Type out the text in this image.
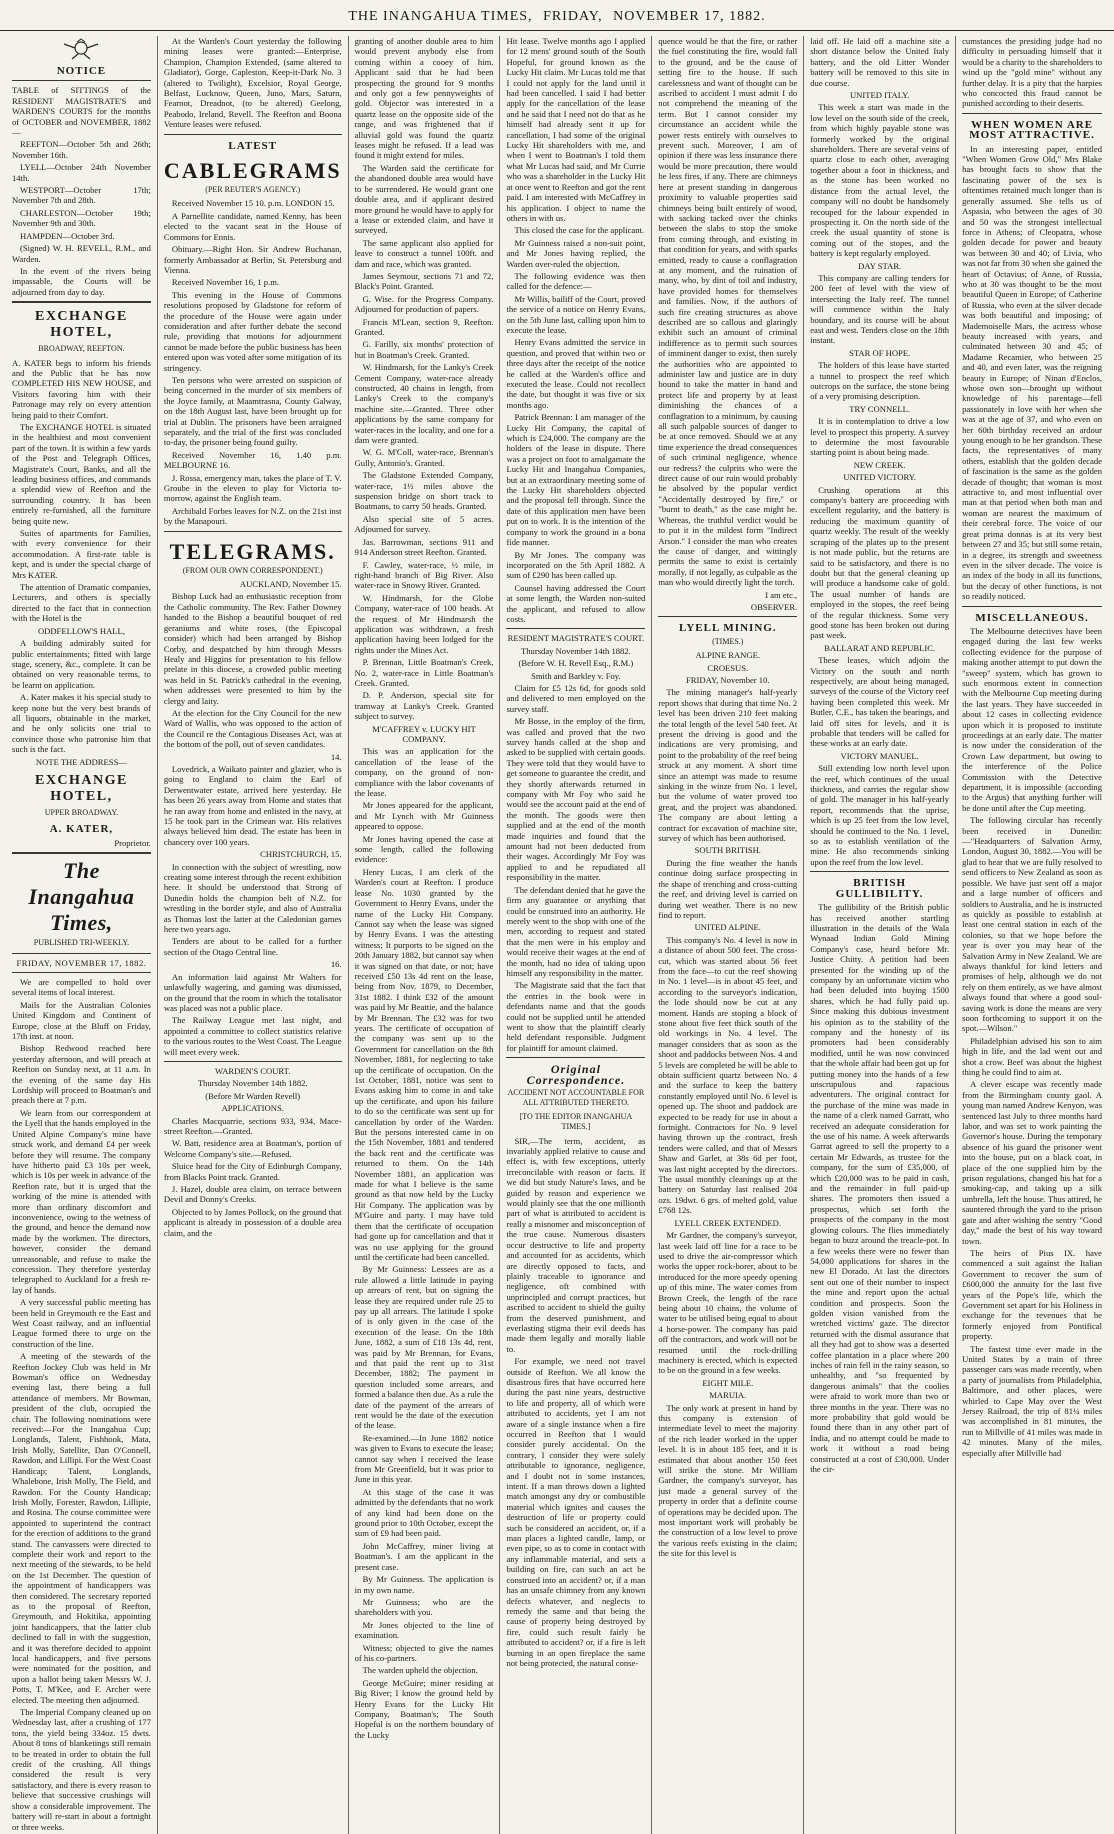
THE INANGAHUA TIMES, FRIDAY, NOVEMBER 17, 1882.
NOTICE

TABLE of SITTINGS of the RESIDENT MAGISTRATE'S and WARDEN'S COURTS for the months of OCTOBER and NOVEMBER, 1882—

REEFTON—October 5th and 26th; November 16th.

LYELL—October 24th November 14th.

WESTPORT—October 17th; November 7th and 28th.

CHARLESTON—October 19th; November 9th and 30th.

HAMPDEN—October 3rd.

(Signed) W. H. REVELL, R.M., and Warden.

In the event of the rivers being impassable, the Courts will be adjourned from day to day.

EXCHANGE HOTEL,
BROADWAY, REEFTON.

A. KATER begs to inform his friends and the Public that he has now COMPLETED HIS NEW HOUSE, and Visitors favoring him with their Patronage may rely on every attention being paid to their Comfort.

The EXCHANGE HOTEL is situated in the healthiest and most convenient part of the town. It is within a few yards of the Post and Telegraph Offices, Magistrate's Court, Banks, and all the leading business offices, and commands a splendid view of Reefton and the surrounding country. It has been entirely re-furnished, all the furniture being quite new.

Suites of apartments for Families, with every convenience for their accommodation. A first-rate table is kept, and is under the special charge of Mrs KATER.

The attention of Dramatic companies, Lecturers, and others is specially directed to the fact that in connection with the Hotel is the

ODDFELLOW'S HALL,

A building admirably suited for public entertainments; fitted with large stage, scenery, &c., complete. It can be obtained on very reasonable terms, to be learnt on application.

A. Kater makes it his special study to keep none but the very best brands of all liquors, obtainable in the market, and he only solicits one trial to convince those who patronise him that such is the fact.

NOTE THE ADDRESS—
EXCHANGE HOTEL,
UPPER BROADWAY.
A. KATER,
Proprietor.
The Inangahua Times,
PUBLISHED TRI-WEEKLY.
FRIDAY, NOVEMBER 17, 1882.

We are compelled to hold over several items of local interest.

Mails for the Australian Colonies United Kingdom and Continent of Europe, close at the Bluff on Friday, 17th inst. at noon.

Bishop Redwood reached here yesterday afternoon, and will preach at Reefton on Sunday next, at 11 a.m. In the evening of the same day His Lordship will proceed to Boatman's and preach there at 7 p.m.

We learn from our correspondent at the Lyell that the hands employed in the United Alpine Company's mine have struck work, and demand £4 per week before they will resume. The company have hitherto paid £3 10s per week, which is 10s per week in advance of the Reefton rate, but it is urged that the working of the mine is attended with more than ordinary discomfort and inconvenience, owing to the wetness of the ground, and hence the demand now made by the workmen. The directors, however, consider the demand unreasonable, and refuse to make the concession. They therefore yesterday telegraphed to Auckland for a fresh re-lay of hands.

A very successful public meeting has been held in Greymouth re the East and West Coast railway, and an influential League formed there to urge on the construction of the line.

A meeting of the stewards of the Reefton Jockey Club was held in Mr Bowman's office on Wednesday evening last, there being a full attendance of members. Mr Bowman, president of the club, occupied the chair. The following nominations were received:—For the Inangahua Cup; Longlands, Talent, Fishhook, Mata, Irish Molly, Satellite, Dan O'Connell, Rawdon, and Lillipi. For the West Coast Handicap; Talent, Longlands, Whalebone, Irish Molly, The Field, and Rawdon. For the County Handicap; Irish Molly, Forester, Rawdon, Lillipie, and Rosina. The course committee were appointed to superintend the contract for the erection of additions to the grand stand. The canvassers were directed to complete their work and report to the next meeting of the stewards, to be held on the 1st December. The question of the appointment of handicappers was then considered. The secretary reported as to the proposal of Reefton, Greymouth, and Hokitika, appointing joint handicappers, that the latter club declined to fall in with the suggestion, and it was therefore decided to appoint local handicappers, and five persons were nominated for the position, and upon a ballot being taken Messrs W. J. Potts, T. M'Kee, and F. Archer were elected. The meeting then adjourned.

The Imperial Company cleaned up on Wednesday last, after a crushing of 177 tons, the yield being 334oz. 15 dwts. About 8 tons of blanketings still remain to be treated in order to obtain the full credit of the crushing. All things considered the result is very satisfactory, and there is every reason to believe that successive crushings will show a considerable improvement. The battery will re-start in about a fortnight or three weeks.

At the Warden's Court yesterday the following mining leases were granted:—Enterprise, Champion, Champion Extended, (same altered to Gladiator), Gorge, Capleston, Keep-it-Dark No. 3 (altered to Twilight), Excelsior, Royal George, Belfast, Lucknow, Queen, Juno, Mars, Saturn, Fearnot, Dreadnot, (to be altered) Geelong, Peabodo, Ireland, Revell. The Reefton and Boona Venture leases were refused.

LATEST
CABLEGRAMS
(PER REUTER'S AGENCY.)

Received November 15 10. p.m. LONDON 15.

A Parnellite candidate, named Kenny, has been elected to the vacant seat in the House of Commons for Ennis.

Obituary.—Right Hon. Sir Andrew Buchanan, formerly Ambassador at Berlin, St. Petersburg and Vienna.

Received November 16, 1 p.m.

This evening in the House of Commons resolutions proposed by Gladstone for reform of the procedure of the House were again under consideration and after further debate the second rule, providing that motions for adjournment cannot be made before the public business has been entered upon was voted after some mitigation of its stringency.

Ten persons who were arrested on suspicion of being concerned in the murder of six members of the Joyce family, at Maamtrasna, County Galway, on the 18th August last, have been brought up for trial at Dublin. The prisoners have been arraigned separately, and the trial of the first was concluded to-day, the prisoner being found guilty.

Received November 16, 1.40 p.m. MELBOURNE 16.

J. Rossa, emergency man, takes the place of T. V. Groube in the eleven to play for Victoria to-morrow, against the English team.

Archibald Forbes leaves for N.Z. on the 21st inst by the Manapouri.

TELEGRAMS.
(FROM OUR OWN CORRESPONDENT.)

AUCKLAND, November 15.

Bishop Luck had an enthusiastic reception from the Catholic community. The Rev. Father Downey handed to the Bishop a beautiful bouquet of red geraniums and white roses, (the Episcopal consider) which had been arranged by Bishop Corby, and despatched by him through Messrs Healy and Higgins for presentation to his fellow prelate in this diocese, a crowded public meeting was held in St. Patrick's cathedral in the evening, when addresses were presented to him by the clergy and laity.

At the election for the City Council for the new Ward of Wallis, who was opposed to the action of the Council re the Contagious Diseases Act, was at the bottom of the poll, out of seven candidates.

14.

Lovedrick, a Waikato painter and glazier, who is going to England to claim the Earl of Derwentwater estate, arrived here yesterday. He has been 26 years away from Home and states that he ran away from home and enlisted in the navy, at 15 he took part in the Crimean war. His relatives always believed him dead. The estate has been in chancery over 100 years.

CHRISTCHURCH, 15.

In connection with the subject of wrestling, now creating some interest through the recent exhibition here. It should be understood that Strong of Dunedin holds the champion belt of N.Z. for wrestling in the border style, and also of Australia as Thomas lost the latter at the Caledonian games here two years ago.

Tenders are about to be called for a further section of the Otago Central line.

16.

An information laid against Mr Walters for unlawfully wagering, and gaming was dismissed, on the ground that the room in which the totalisator was placed was not a public place.

The Railway League met last night, and appointed a committee to collect statistics relative to the various routes to the West Coast. The League will meet every week.

WARDEN'S COURT.
Thursday November 14th 1882.
(Before Mr Warden Revell)
APPLICATIONS.

Charles Macquarrie, sections 933, 934, Mace-street Reefton.—Granted.

W. Batt, residence area at Boatman's, portion of Welcome Company's site.—Refused.

Sluice head for the City of Edinburgh Company, from Blacks Point track. Granted.

J. Hazel, double area claim, on terrace between Devil and Donny's Creeks.

Objected to by James Pollock, on the ground that applicant is already in possession of a double area claim, and the

granting of another double area to him would prevent anybody else from coming within a cooey of him. Applicant said that he had been prospecting the ground for 9 months and only got a few pennyweights of gold. Objector was interested in a quartz lease on the opposite side of the range, and was frightened that if alluvial gold was found the quartz leases might be refused. If a lead was found it might extend for miles.

The Warden said the certificate for the abandoned double area would have to be surrendered. He would grant one double area, and if applicant desired more ground he would have to apply for a lease or extended claim, and have it surveyed.

The same applicant also applied for leave to construct a tunnel 100ft. and dam and race, which was granted.

James Seymour, sections 71 and 72, Black's Point. Granted.

G. Wise. for the Progress Company. Adjourned for production of papers.

Francis M'Lean, section 9, Reefton. Granted.

G. Farilly, six months' protection of hut in Boatman's Creek. Granted.

W. Hindmarsh, for the Lanky's Creek Cement Company, water-race already constructed, 40 chains in length, from Lanky's Creek to the company's machine site.—Granted. Three other applications by the same company for water-races in the locality, and one for a dam were granted.

W. G. M'Coll, water-race, Brennan's Gully, Antonio's. Granted.

The Gladstone Extended Company, water-race, 1½ miles above the suspension bridge on short track to Boatmans, to carry 50 heads. Granted.

Also special site of 5 acres. Adjourned for survey.

Jas. Barrowman, sections 911 and 914 Anderson street Reefton. Granted.

F. Cawley, water-race, ½ mile, in right-hand branch of Big River. Also water-race in Snowy River. Granted.

W. Hindmarsh, for the Globe Company, water-race of 100 heads. At the request of Mr Hindmarsh the application was withdrawn, a fresh application having been lodged for the rights under the Mines Act.

P. Brennan, Little Boatman's Creek, No. 2, water-race in Little Boatman's Creek. Granted.

D. P. Anderson, special site for tramway at Lanky's Creek. Granted subject to survey.

M'CAFFREY v. LUCKY HIT COMPANY.

This was an application for the cancellation of the lease of the company, on the ground of non-compliance with the labor covenants of the lease.

Mr Jones appeared for the applicant, and Mr Lynch with Mr Guinness appeared to oppose.

Mr Jones having opened the case at some length, called the following evidence:

Henry Lucas, I am clerk of the Warden's court at Reefton. I produce lease No. 1030 granted by the Government to Henry Evans, under the name of the Lucky Hit Company. Cannot say when the lease was signed by Henry Evans. I was the attesting witness; It purports to be signed on the 20th January 1882, but cannot say when it was signed on that date, or not; have received £50 13s 4d rent on the lease, being from Nov. 1879, to December, 31st 1882. I think £32 of the amount was paid by Mr Beattie, and the balance by Mr Brennan. The £32 was for two years. The certificate of occupation of the company was sent up to the Government for cancellation on the 8th November, 1881, for neglecting to take up the certificate of occupation. On the 1st October, 1881, notice was sent to Evans asking him to come in and take up the certificate, and upon his failure to do so the certificate was sent up for cancellation by order of the Warden. But the persons interested came in on the 15th November, 1881 and tendered the back rent and the certificate was returned to them. On the 14th November 1881, an application was made for what I believe is the same ground as that now held by the Lucky Hit Company. The application was by M'Guire and party. I may have told them that the certificate of occupation had gone up for cancellation and that it was no use applying for the ground until the certificate had been cancelled.

By Mr Guinness: Lessees are as a rule allowed a little latitude in paying up arrears of rent, but on signing the lease they are required under rule 25 to pay up all arrears. The latitude I spoke of is only given in the case of the execution of the lease. On the 18th June, 1882, a sum of £18 13s 4d, rent, was paid by Mr Brennan, for Evans, and that paid the rent up to 31st December, 1882; The payment in question included some arrears, and formed a balance then due. As a rule the date of the payment of the arrears of rent would be the date of the execution of the lease.

Re-examined.—In June 1882 notice was given to Evans to execute the lease; cannot say when I received the lease from Mr Greenfield, but it was prior to June in this year.

At this stage of the case it was admitted by the defendants that no work of any kind had been done on the ground prior to 10th October, except the sum of £9 had been paid.

John McCaffrey, miner living at Boatman's. I am the applicant in the present case.

By Mr Guinness. The application is in my own name.

Mr Guinness; who are the shareholders with you.

Mr Jones objected to the line of examination.

Witness; objected to give the names of his co-partners.

The warden upheld the objection.

George McGuire; miner residing at Big River; I know the ground held by Henry Evans for the Lucky Hit Company, Boatman's; The South Hopeful is on the northern boundary of the Lucky

Hit lease. Twelve months ago I applied for 12 mens' ground south of the South Hopeful, for ground known as the Lucky Hit claim. Mr Lucas told me that I could not apply for the land until it had been cancelled. I said I had better apply for the cancellation of the lease and he said that I need not do that as he himself had already sent it up for cancellation, I had some of the original Lucky Hit shareholders with me, and when I went to Boatman's I told them what Mr Lucas had said, and Mr Currie who was a shareholder in the Lucky Hit at once went to Reefton and got the rent paid. I am interested with McCaffrey in his application. I object to name the others in with us.

This closed the case for the applicant.

Mr Guinness raised a non-suit point, and Mr Jones having replied, the Warden over-ruled the objection.

The following evidence was then called for the defence:—

Mr Willis, bailiff of the Court, proved the service of a notice on Henry Evans, on the 5th June last, calling upon him to execute the lease.

Henry Evans admitted the service in question, and proved that within two or three days after the receipt of the notice he called at the Warden's office and executed the lease. Could not recollect the date, but thought it was five or six months ago.

Patrick Brennan: I am manager of the Lucky Hit Company, the capital of which is £24,000. The company are the holders of the lease in dispute. There was a project on foot to amalgamate the Lucky Hit and Inangahua Companies, but at an extraordinary meeting some of the Lucky Hit shareholders objected and the proposal fell through. Since the date of this application men have been put on to work. It is the intention of the company to work the ground in a bona fide manner.

By Mr Jones. The company was incorporated on the 5th April 1882. A sum of £290 has been called up.

Counsel having addressed the Court at some length, the Warden non-suited the applicant, and refused to allow costs.

RESIDENT MAGISTRATE'S COURT.
Thursday November 14th 1882.
(Before W. H. Revell Esq., R.M.)
Smith and Barkley v. Foy.

Claim for £5 12s 6d, for goods sold and delivered to men employed on the survey staff.

Mr Bosse, in the employ of the firm, was called and proved that the two survey hands called at the shop and asked to be supplied with certain goods. They were told that they would have to get someone to guarantee the credit, and they shortly afterwards returned in company with Mr Foy who said he would see the account paid at the end of the month. The goods were then supplied and at the end of the month made inquiries and found that the amount had not been deducted from their wages. Accordingly Mr Foy was applied to and he repudiated all responsibility in the matter.

The defendant denied that he gave the firm any guarantee or anything that could be construed into an authority. He merely went to the shop with one of the men, according to request and stated that the men were in his employ and would receive their wages at the end of the month, had no idea of taking upon himself any responsibility in the matter.

The Magistrate said that the fact that the entries in the book were in defendants name and that the goods could not be supplied until he attended went to show that the plaintiff clearly held defendant responsible. Judgment for plaintiff for amount claimed.

Original Correspondence.
ACCIDENT NOT ACCOUNTABLE FOR ALL ATTRIBUTED THERETO.
[TO THE EDITOR INANGAHUA TIMES.]

SIR,—The term, accident, as invariably applied relative to cause and effect is, with few exceptions, utterly irreconcilable with reason or facts. If we did but study Nature's laws, and be guided by reason and experience we would plainly see that the one millionth part of what is attributed to accident is really a misnomer and misconception of the true cause. Numerous disasters occur destructive to life and property and accounted for as accidents, which are directly opposed to facts, and plainly traceable to ignorance and negligence, oft combined with unprincipled and corrupt practices, but ascribed to accident to shield the guilty from the deserved punishment, and everlasting stigma their evil deeds has made them legally and morally liable to.

For example, we need not travel outside of Reefton. We all know the disastrous fires that have occurred here during the past nine years, destructive to life and property, all of which were attributed to accidents, yet I am not aware of a single instance when a fire occurred in Reefton that I would consider purely accidental. On the contrary, I consider they were solely attributable to ignorance, negligence, and I doubt not in some instances, intent. If a man throws down a lighted match amongst any dry or combustible material which ignites and causes the destruction of life or property could such be considered an accident, or, if a man places a lighted candle, lamp, or even pipe, so as to come in contact with any inflammable material, and sets a building on fire, can such an act be construed into an accident? or, if a man has an unsafe chimney from any known defects whatever, and neglects to remedy the same and that being the cause of property being destroyed by fire, could such result fairly be attributed to accident? or, if a fire is left burning in an open fireplace the same not being protected, the natural conse-

quence would be that the fire, or rather the fuel constituting the fire, would fall to the ground, and be the cause of setting fire to the house. If such carelessness and want of thought can be ascribed to accident I must admit I do not comprehend the meaning of the term. But I cannot consider my circumstance an accident while the power rests entirely with ourselves to prevent such. Moreover, I am of opinion if there was less insurance there would be more precaution, there would be less fires, if any. There are chimneys here at present standing in dangerous proximity to valuable properties said chimneys being built entirely of wood, with sacking tacked over the chinks between the slabs to stop the smoke from coming through, and existing in that condition for years, and with sparks emitted, ready to cause a conflagration at any moment, and the ruination of many, who, by dint of toil and industry, have provided homes for themselves and families. Now, if the authors of such fire creating structures as above described are so callous and glaringly exhibit such an amount of criminal indifference as to permit such sources of imminent danger to exist, then surely the authorities who are appointed to administer law and justice are in duty bound to take the matter in hand and protect life and property by at least diminishing the chances of a conflagration to a minimum, by causing all such palpable sources of danger to be at once removed. Should we at any time experience the dread consequences of such criminal negligence, whence our redress? the culprits who were the direct cause of our ruin would probably be absolved by the popular verdict "Accidentally destroyed by fire," or "burnt to death," as the case might be. Whereas, the truthful verdict would be to put it in the mildest form "Indirect Arson." I consider the man who creates the cause of danger, and wittingly permits the same to exist is certainly morally, if not legally, as culpable as the man who would directly light the torch.

I am etc.,

OBSERVER.

LYELL MINING.
(TIMES.)
ALPINE RANGE.
CROESUS.
FRIDAY, November 10.

The mining manager's half-yearly report shows that during that time No. 2 level has been driven 210 feet making the total length of the level 540 feet. At present the driving is good and the indications are very promising, and point to the probability of the reef being struck at any moment. A short time since an attempt was made to resume sinking in the winze from No. 1 level, but the volume of water proved too great, and the project was abandoned. The company are about letting a contract for excavation of machine site, survey of which has been authorised.

SOUTH BRITISH.

During the fine weather the hands continue doing surface prospecting in the shape of trenching and cross-cutting the reef, and driving level is carried on during wet weather. There is no new find to report.

UNITED ALPINE.

This company's No. 4 level is now in a distance of about 500 feet. The cross-cut, which was started about 56 feet from the face—to cut the reef showing in No. 1 level—is in about 45 feet, and according to the surveyor's indication, the lode should now be cut at any moment. Hands are stoping a block of stone about five feet thick south of the old workings in No. 4 level. The manager considers that as soon as the shoot and paddocks between Nos. 4 and 5 levels are completed he will be able to obtain sufficient quartz between No. 4 and the surface to keep the battery constantly employed until No. 6 level is opened up. The shoot and paddock are expected to be ready for use in about a fortnight. Contractors for No. 9 level having thrown up the contract, fresh tenders were called, and that of Messrs Shaw and Garlet, at 38s 6d per foot, was last night accepted by the directors. The usual monthly cleanings up at the battery on Saturday last realised 204 ozs. 19dwt. 6 grs. of melted gold, value £768 12s.

LYELL CREEK EXTENDED.

Mr Gardner, the company's surveyor, last week laid off line for a race to be used to drive the air-compressor which works the upper rock-borer, about to be introduced for the more speedy opening up of this mine. The water comes from Brown Creek, the length of the race being about 10 chains, the volume of water to be utilised being equal to about 4 horse-power. The company has paid off the contractors, and work will not be resumed until the rock-drilling machinery is erected, which is expected to be on the ground in a few weeks.

EIGHT MILE.
MARUIA.

The only work at present in hand by this company is extension of intermediate level to meet the majority of the rich leader worked in the upper level. It is in about 185 feet, and it is estimated that about another 150 feet will strike the stone. Mr William Gardner, the company's surveyor, has just made a general survey of the property in order that a definite course of operations may be decided upon. The most important work will probably be the construction of a low level to prove the various reefs existing in the claim; the site for this level is

laid off. He laid off a machine site a short distance below the United Italy battery, and the old Litter Wonder battery will be removed to this site in due course.

UNITED ITALY.

This week a start was made in the low level on the south side of the creek, from which highly payable stone was formerly worked by the original shareholders. There are several veins of quartz close to each other, averaging together about a foot in thickness, and as the stone has been worked no distance from the actual level, the company will no doubt be handsomely recouped for the labour expended in prospecting it. On the north side of the creek the usual quantity of stone is coming out of the stopes, and the battery is kept regularly employed.

DAY STAR.

This company are calling tenders for 200 feet of level with the view of intersecting the Italy reef. The tunnel will commence within the Italy boundary, and its course will be about east and west. Tenders close on the 18th instant.

STAR OF HOPE.

The holders of this lease have started a tunnel to prospect the reef which outcrops on the surface, the stone being of a very promising description.

TRY CONNELL.

It is in contemplation to drive a low level to prospect this property. A survey to determine the most favourable starting point is about being made.

NEW CREEK.
UNITED VICTORY.

Crushing operations at this company's battery are proceeding with excellent regularity, and the battery is reducing the maximum quantity of quartz weekly. The result of the weekly scraping of the plates up to the present is not made public, but the returns are said to be satisfactory, and there is no doubt but that the general cleaning up will produce a handsome cake of gold. The usual number of hands are employed in the stopes, the reef being of the regular thickness. Some very good stone has been broken out during past week.

BALLARAT AND REPUBLIC.

These leases, which adjoin the Victory on the south and north respectively, are about being managed, surveys of the course of the Victory reef having been completed this week. Mr Butler, C.E., has taken the bearings, and laid off sites for levels, and it is probable that tenders will be called for these works at an early date.

VICTORY MANUEL.

Still extending low north level upon the reef, which continues of the usual thickness, and carries the regular show of gold. The manager in his half-yearly report, recommends that the uprise, which is up 25 feet from the low level, should be continued to the No. 1 level, so as to establish ventilation of the mine. He also recommends sinking upon the reef from the low level.

BRITISH GULLIBILITY.

The gullibility of the British public has received another startling illustration in the details of the Wala Wynaad Indian Gold Mining Company's case, heard before Mr. Justice Chitty. A petition had been presented for the winding up of the company by an unfortunate victim who had been deluded into buying 1500 shares, which he had fully paid up. Since making this dubious investment his opinion as to the stability of the company and the honesty of its promoters had been considerably modified, until he was now convinced that the whole affair had been got up for putting money into the hands of a few unscrupulous and rapacious adventurers. The original contract for the purchase of the mine was made in the name of a clerk named Garratt, who received an adequate consideration for the use of his name. A week afterwards Garrat agreed to sell the property to a certain Mr Edwards, as trustee for the company, for the sum of £35,000, of which £20,000 was to be paid in cash, and the remainder in full paid-up shares. The promoters then issued a prospectus, which set forth the prospects of the company in the most glowing colours. The flies immediately began to buzz around the treacle-pot. In a few weeks there were no fewer than 54,000 applications for shares in the new El Dorado. At last the directors sent out one of their number to inspect the mine and report upon the actual condition and prospects. Soon the golden vision vanished from the wretched victims' gaze. The director returned with the dismal assurance that all they had got to show was a deserted coffee plantation in a place where 200 inches of rain fell in the rainy season, so unhealthy, and "so frequented by dangerous animals" that the coolies were afraid to work more than two or three months in the year. There was no more probability that gold would be found there than in any other part of India, and no attempt could be made to work it without a road being constructed at a cost of £30,000. Under the cir-

cumstances the presiding judge had no difficulty in persuading himself that it would be a charity to the shareholders to wind up the "gold mine" without any further delay. It is a pity that the harpies who concocted this fraud cannot be punished according to their deserts.

WHEN WOMEN ARE MOST ATTRACTIVE.

In an interesting paper, entitled "When Women Grow Old," Mrs Blake has brought facts to show that the fascinating power of the sex is oftentimes retained much longer than is generally assumed. She tells us of Aspasia, who between the ages of 30 and 50 was the strongest intellectual force in Athens; of Cleopatra, whose golden decade for power and beauty was between 30 and 40; of Livia, who was not far from 30 when she gained the heart of Octavius; of Anne, of Russia, who at 30 was thought to be the most beautiful Queen in Europe; of Catherine of Russia, who even at the silver decade was both beautiful and imposing; of Mademoiselle Mars, the actress whose beauty increased with years, and culminated between 30 and 45; of Madame Recamier, who between 25 and 40, and even later, was the reigning beauty in Europe; of Ninan d'Enclos, whose own son—brought up without knowledge of his parentage—fell passionately in love with her when she was at the age of 37, and who even on her 60th birthday received an ardour young enough to be her grandson. These facts, the representatives of many others, establish that the golden decade of fascination is the same as the golden decade of thought; that woman is most attractive to, and most influential over man at that period when both man and woman are nearest the maximum of their cerebral force. The voice of our great prima donnas is at its very best between 27 and 35; but still some retain, in a degree, its strength and sweetness even in the silver decade. The voice is an index of the body in all its functions, but the decay of other functions, is not so readily noticed.

MISCELLANEOUS.

The Melbourne detectives have been engaged during the last few weeks collecting evidence for the purpose of making another attempt to put down the "sweep" system, which has grown to such enormous extent in connection with the Melbourne Cup meeting during the last years. They have succeeded in about 12 cases in collecting evidence upon which it is proposed to institute proceedings at an early date. The matter is now under the consideration of the Crown Law department, but owing to the interference of the Police Commission with the Detective department, it is impossible (according to the Argus) that anything further will be done until after the Cup meeting.

The following circular has recently been received in Dunedin:—"Headquarters of Salvation Army, London, August 30, 1882.—You will be glad to hear that we are fully resolved to send officers to New Zealand as soon as possible. We have just sent off a major and a large number of officers and soldiers to Australia, and he is instructed as quickly as possible to establish at least one central station in each of the colonies, so that we hope before the year is over you may hear of the Salvation Army in New Zealand. We are always thankful for kind letters and promises of help, although we do not rely on them entirely, as we have almost always found that where a good soul-saving work is done the means are very soon forthcoming to support it on the spot.—Wilson."

Philadelphian advised his son to aim high in life, and the lad went out and shot a crow. Beef was about the highest thing he could find to aim at.

A clever escape was recently made from the Birmingham county gaol. A young man named Andrew Kenyon, was sentenced last July to three months hard labor, and was set to work painting the Governor's house. During the temporary absence of his guard the prisoner went into the house, put on a black coat, in place of the one supplied him by the prison regulations, changed his hat for a smoking-cap, and taking up a silk umbrella, left the house. Thus attired, he sauntered through the yard to the prison gate and after wishing the sentry "Good day," made the best of his way toward town.

The heirs of Pius IX. have commenced a suit against the Italian Government to recover the sum of £600,000 the annuity for the last five years of the Pope's life, which the Government set apart for his Holiness in exchange for the revenues that he formerly enjoyed from Pontifical property.

The fastest time ever made in the United States by a train of three passenger cars was made recently, when a party of journalists from Philadelphia, Baltimore, and other places, were whirled to Cape May over the West Jersey Railroad, the trip of 81¼ miles was accomplished in 81 minutes, the run to Millville of 41 miles was made in 42 minutes. Many of the miles, especially after Millville had
